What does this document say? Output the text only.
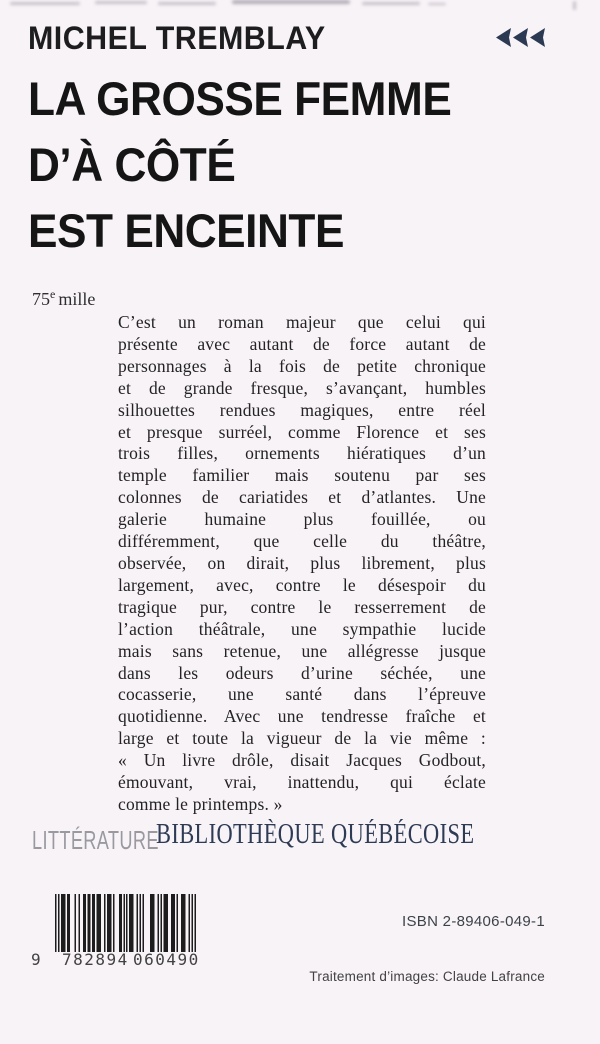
MICHEL TREMBLAY
LA GROSSE FEMME
D’À CÔTÉ
EST ENCEINTE
75e mille
C’est un roman majeur que celui qui
présente avec autant de force autant de
personnages à la fois de petite chronique
et de grande fresque, s’avançant, humbles
silhouettes rendues magiques, entre réel
et presque surréel, comme Florence et ses
trois filles, ornements hiératiques d’un
temple familier mais soutenu par ses
colonnes de cariatides et d’atlantes. Une
galerie humaine plus fouillée, ou
différemment, que celle du théâtre,
observée, on dirait, plus librement, plus
largement, avec, contre le désespoir du
tragique pur, contre le resserrement de
l’action théâtrale, une sympathie lucide
mais sans retenue, une allégresse jusque
dans les odeurs d’urine séchée, une
cocasserie, une santé dans l’épreuve
quotidienne. Avec une tendresse fraîche et
large et toute la vigueur de la vie même :
« Un livre drôle, disait Jacques Godbout,
émouvant, vrai, inattendu, qui éclate
comme le printemps. »
LITTÉRATURE
BIBLIOTHÈQUE QUÉBÉCOISE
9 782894 060490
ISBN 2-89406-049-1
Traitement d’images: Claude Lafrance
